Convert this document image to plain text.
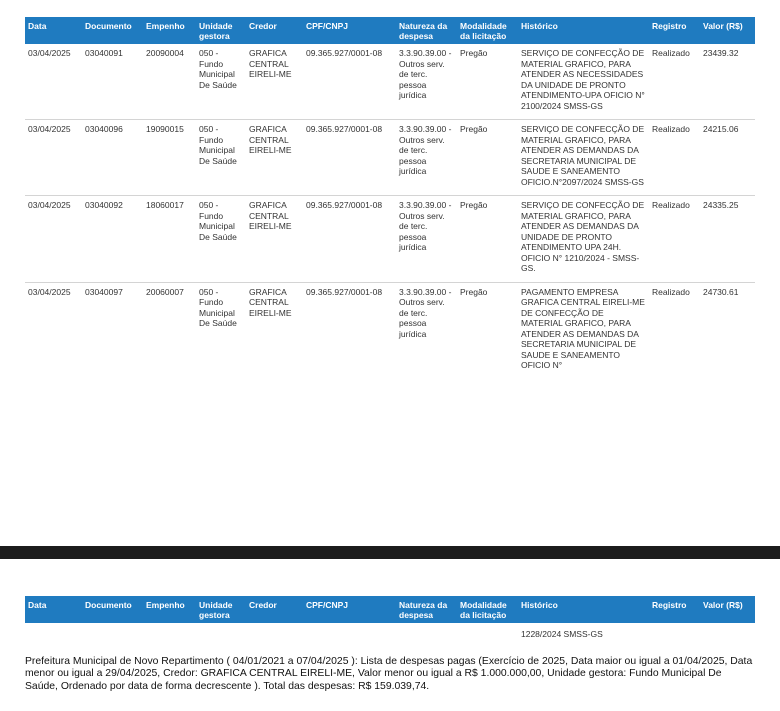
Data	Documento	Empenho	Unidade gestora	Credor	CPF/CNPJ	Natureza da despesa	Modalidade da licitação	Histórico	Registro	Valor (R$)
03/04/2025	03040091	20090004	050 - Fundo Municipal De Saúde	GRAFICA CENTRAL EIRELI-ME	09.365.927/0001-08	3.3.90.39.00 - Outros serv. de terc. pessoa jurídica	Pregão	SERVIÇO DE CONFECÇÃO DE MATERIAL GRAFICO, PARA ATENDER AS NECESSIDADES DA UNIDADE DE PRONTO ATENDIMENTO-UPA OFICIO N° 2100/2024 SMSS-GS	Realizado	23439.32
03/04/2025	03040096	19090015	050 - Fundo Municipal De Saúde	GRAFICA CENTRAL EIRELI-ME	09.365.927/0001-08	3.3.90.39.00 - Outros serv. de terc. pessoa jurídica	Pregão	SERVIÇO DE CONFECÇÃO DE MATERIAL GRAFICO, PARA ATENDER AS DEMANDAS DA SECRETARIA MUNICIPAL DE SAUDE E SANEAMENTO OFICIO.N°2097/2024 SMSS-GS	Realizado	24215.06
03/04/2025	03040092	18060017	050 - Fundo Municipal De Saúde	GRAFICA CENTRAL EIRELI-ME	09.365.927/0001-08	3.3.90.39.00 - Outros serv. de terc. pessoa jurídica	Pregão	SERVIÇO DE CONFECÇÃO DE MATERIAL GRAFICO, PARA ATENDER AS DEMANDAS DA UNIDADE DE PRONTO ATENDIMENTO UPA 24H. OFICIO N° 1210/2024 - SMSS-GS.	Realizado	24335.25
03/04/2025	03040097	20060007	050 - Fundo Municipal De Saúde	GRAFICA CENTRAL EIRELI-ME	09.365.927/0001-08	3.3.90.39.00 - Outros serv. de terc. pessoa jurídica	Pregão	PAGAMENTO EMPRESA GRAFICA CENTRAL EIRELI-ME DE CONFECÇÃO DE MATERIAL GRAFICO, PARA ATENDER AS DEMANDAS DA SECRETARIA MUNICIPAL DE SAUDE E SANEAMENTO OFICIO N°	Realizado	24730.61
Data	Documento	Empenho	Unidade gestora	Credor	CPF/CNPJ	Natureza da despesa	Modalidade da licitação	Histórico	Registro	Valor (R$)
								1228/2024 SMSS-GS		
Prefeitura Municipal de Novo Repartimento ( 04/01/2021 a 07/04/2025 ): Lista de despesas pagas (Exercício de 2025, Data maior ou igual a 01/04/2025, Data menor ou igual a 29/04/2025, Credor: GRAFICA CENTRAL EIRELI-ME, Valor menor ou igual a R$ 1.000.000,00, Unidade gestora: Fundo Municipal De Saúde, Ordenado por data de forma decrescente ). Total das despesas: R$ 159.039,74.
